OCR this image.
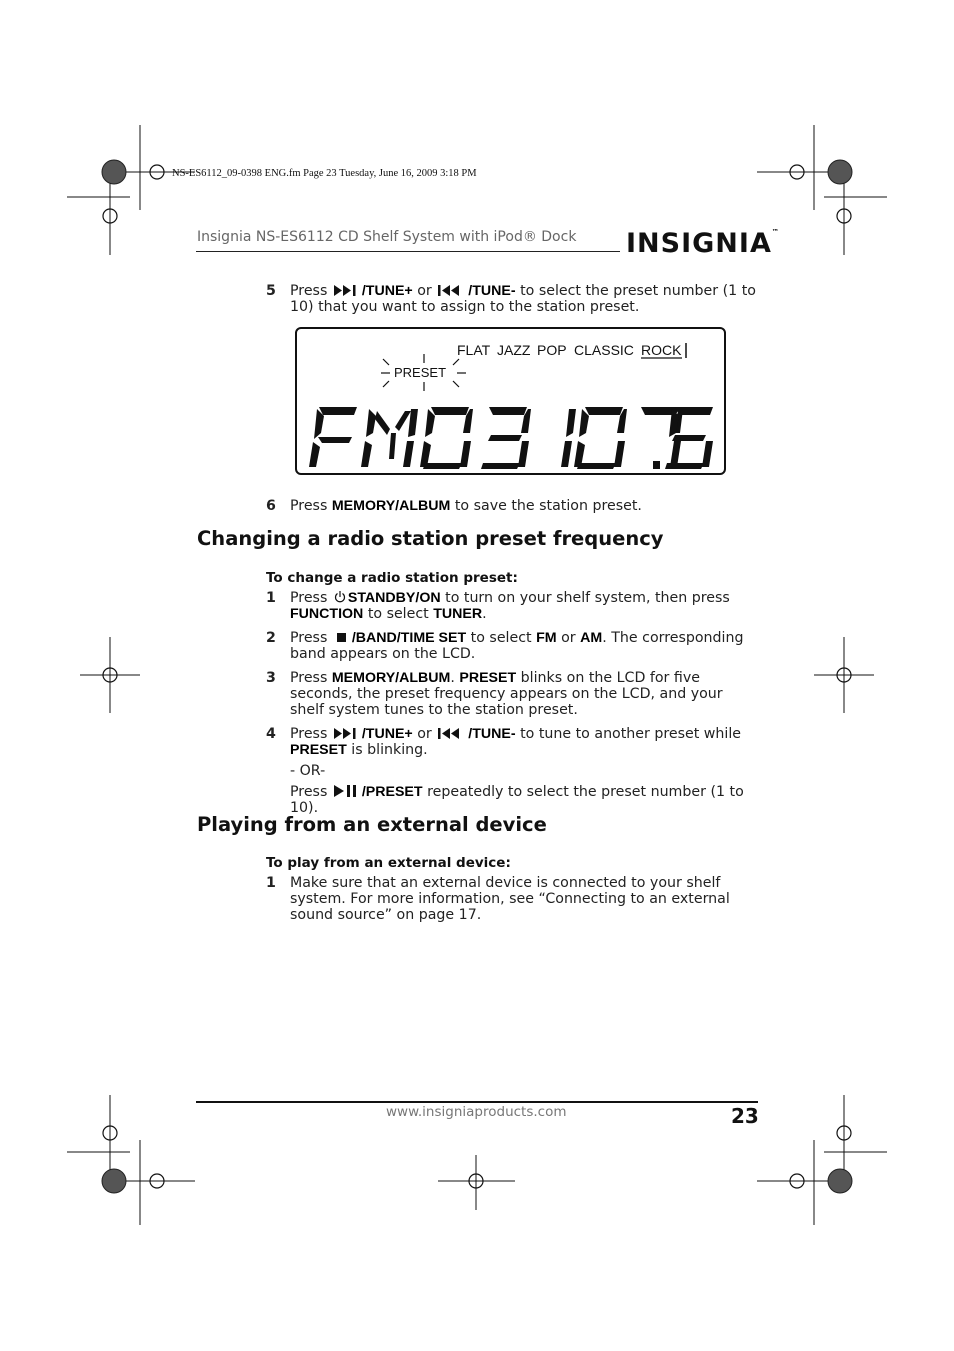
NS-ES6112_09-0398 ENG.fm Page 23 Tuesday, June 16, 2009 3:18 PM
Insignia NS-ES6112 CD Shelf System with iPod® Dock INSIGNIA™
5 Press /TUNE+ or	/TUNE- to select the preset number (1 to 10) that you want to assign to the station preset.
FLAT JAZZ POP CLASSIC ROCK
PRESET
6 Press MEMORY/ALBUM to save the station preset.
Changing a radio station preset frequency
To change a radio station preset:
1 Press STANDBY/ON to turn on your shelf system, then press FUNCTION to select TUNER.
2 Press /BAND/TIME SET to select FM or AM. The corresponding band appears on the LCD.
3 Press MEMORY/ALBUM. PRESET blinks on the LCD for five seconds, the preset frequency appears on the LCD, and your shelf system tunes to the station preset.
4 Press /TUNE+ or	/TUNE- to tune to another preset while PRESET is blinking.
- OR-
Press /PRESET repeatedly to select the preset number (1 to 10).
Playing from an external device
To play from an external device:
1 Make sure that an external device is connected to your shelf system. For more information, see “Connecting to an external sound source” on page 17.
www.insigniaproducts.com	23
